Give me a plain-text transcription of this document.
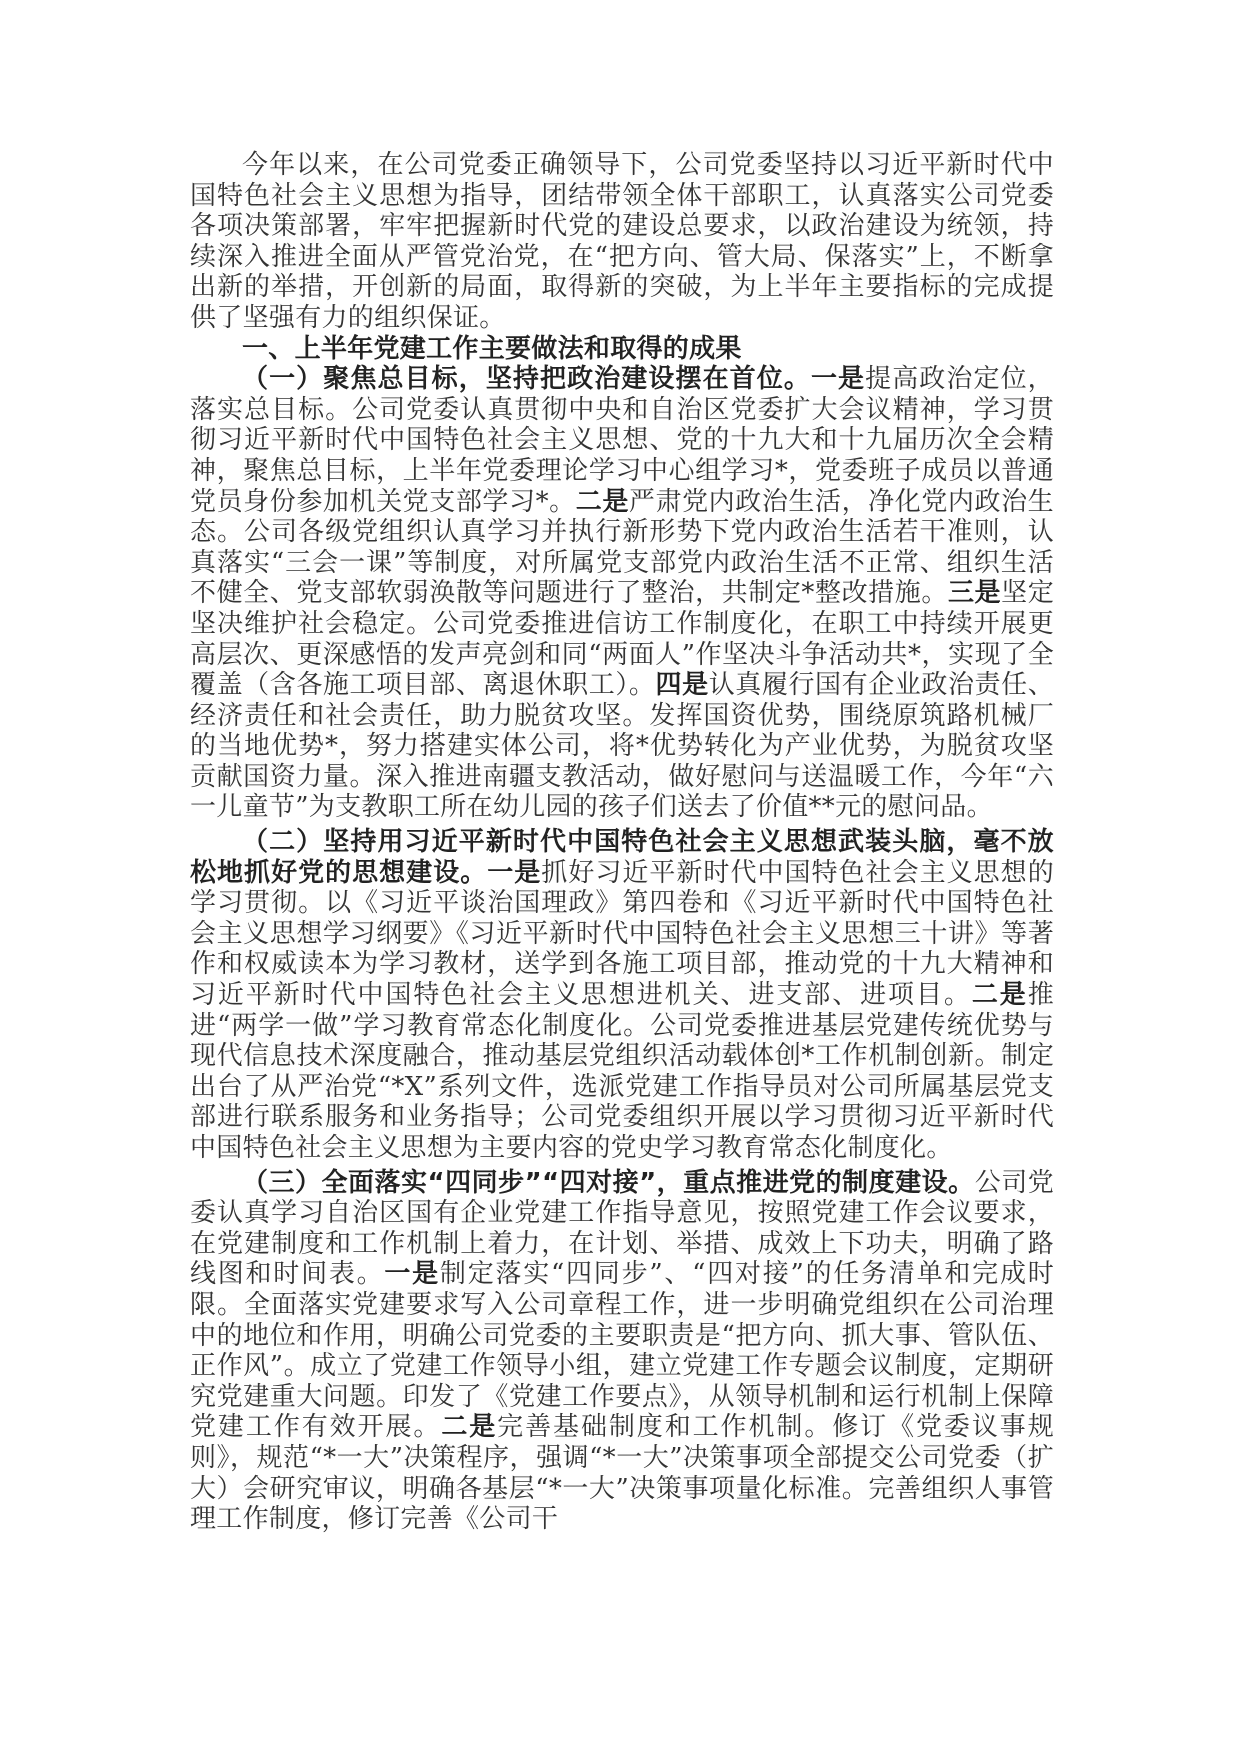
今年以来，在公司党委正确领导下，公司党委坚持以习近平新时代中国特色社会主义思想为指导，团结带领全体干部职工，认真落实公司党委各项决策部署，牢牢把握新时代党的建设总要求，以政治建设为统领，持续深入推进全面从严管党治党，在“把方向、管大局、保落实”上，不断拿出新的举措，开创新的局面，取得新的突破，为上半年主要指标的完成提供了坚强有力的组织保证。

一、上半年党建工作主要做法和取得的成果

（一）聚焦总目标，坚持把政治建设摆在首位。一是提高政治定位，落实总目标。公司党委认真贯彻中央和自治区党委扩大会议精神，学习贯彻习近平新时代中国特色社会主义思想、党的十九大和十九届历次全会精神，聚焦总目标，上半年党委理论学习中心组学习*，党委班子成员以普通党员身份参加机关党支部学习*。二是严肃党内政治生活，净化党内政治生态。公司各级党组织认真学习并执行新形势下党内政治生活若干准则，认真落实“三会一课”等制度，对所属党支部党内政治生活不正常、组织生活不健全、党支部软弱涣散等问题进行了整治，共制定*整改措施。三是坚定坚决维护社会稳定。公司党委推进信访工作制度化，在职工中持续开展更高层次、更深感悟的发声亮剑和同“两面人”作坚决斗争活动共*，实现了全覆盖（含各施工项目部、离退休职工）。四是认真履行国有企业政治责任、经济责任和社会责任，助力脱贫攻坚。发挥国资优势，围绕原筑路机械厂的当地优势*，努力搭建实体公司，将*优势转化为产业优势，为脱贫攻坚贡献国资力量。深入推进南疆支教活动，做好慰问与送温暖工作，今年“六一儿童节”为支教职工所在幼儿园的孩子们送去了价值**元的慰问品。

（二）坚持用习近平新时代中国特色社会主义思想武装头脑，毫不放松地抓好党的思想建设。一是抓好习近平新时代中国特色社会主义思想的学习贯彻。以《习近平谈治国理政》第四卷和《习近平新时代中国特色社会主义思想学习纲要》《习近平新时代中国特色社会主义思想三十讲》等著作和权威读本为学习教材，送学到各施工项目部，推动党的十九大精神和习近平新时代中国特色社会主义思想进机关、进支部、进项目。二是推进“两学一做”学习教育常态化制度化。公司党委推进基层党建传统优势与现代信息技术深度融合，推动基层党组织活动载体创*工作机制创新。制定出台了从严治党“*X”系列文件，选派党建工作指导员对公司所属基层党支部进行联系服务和业务指导；公司党委组织开展以学习贯彻习近平新时代中国特色社会主义思想为主要内容的党史学习教育常态化制度化。

（三）全面落实“四同步”“四对接”，重点推进党的制度建设。公司党委认真学习自治区国有企业党建工作指导意见，按照党建工作会议要求，在党建制度和工作机制上着力，在计划、举措、成效上下功夫，明确了路线图和时间表。一是制定落实“四同步”、“四对接”的任务清单和完成时限。全面落实党建要求写入公司章程工作，进一步明确党组织在公司治理中的地位和作用，明确公司党委的主要职责是“把方向、抓大事、管队伍、正作风”。成立了党建工作领导小组，建立党建工作专题会议制度，定期研究党建重大问题。印发了《党建工作要点》，从领导机制和运行机制上保障党建工作有效开展。二是完善基础制度和工作机制。修订《党委议事规则》，规范“*一大”决策程序，强调“*一大”决策事项全部提交公司党委（扩大）会研究审议，明确各基层“*一大”决策事项量化标准。完善组织人事管理工作制度，修订完善《公司干
